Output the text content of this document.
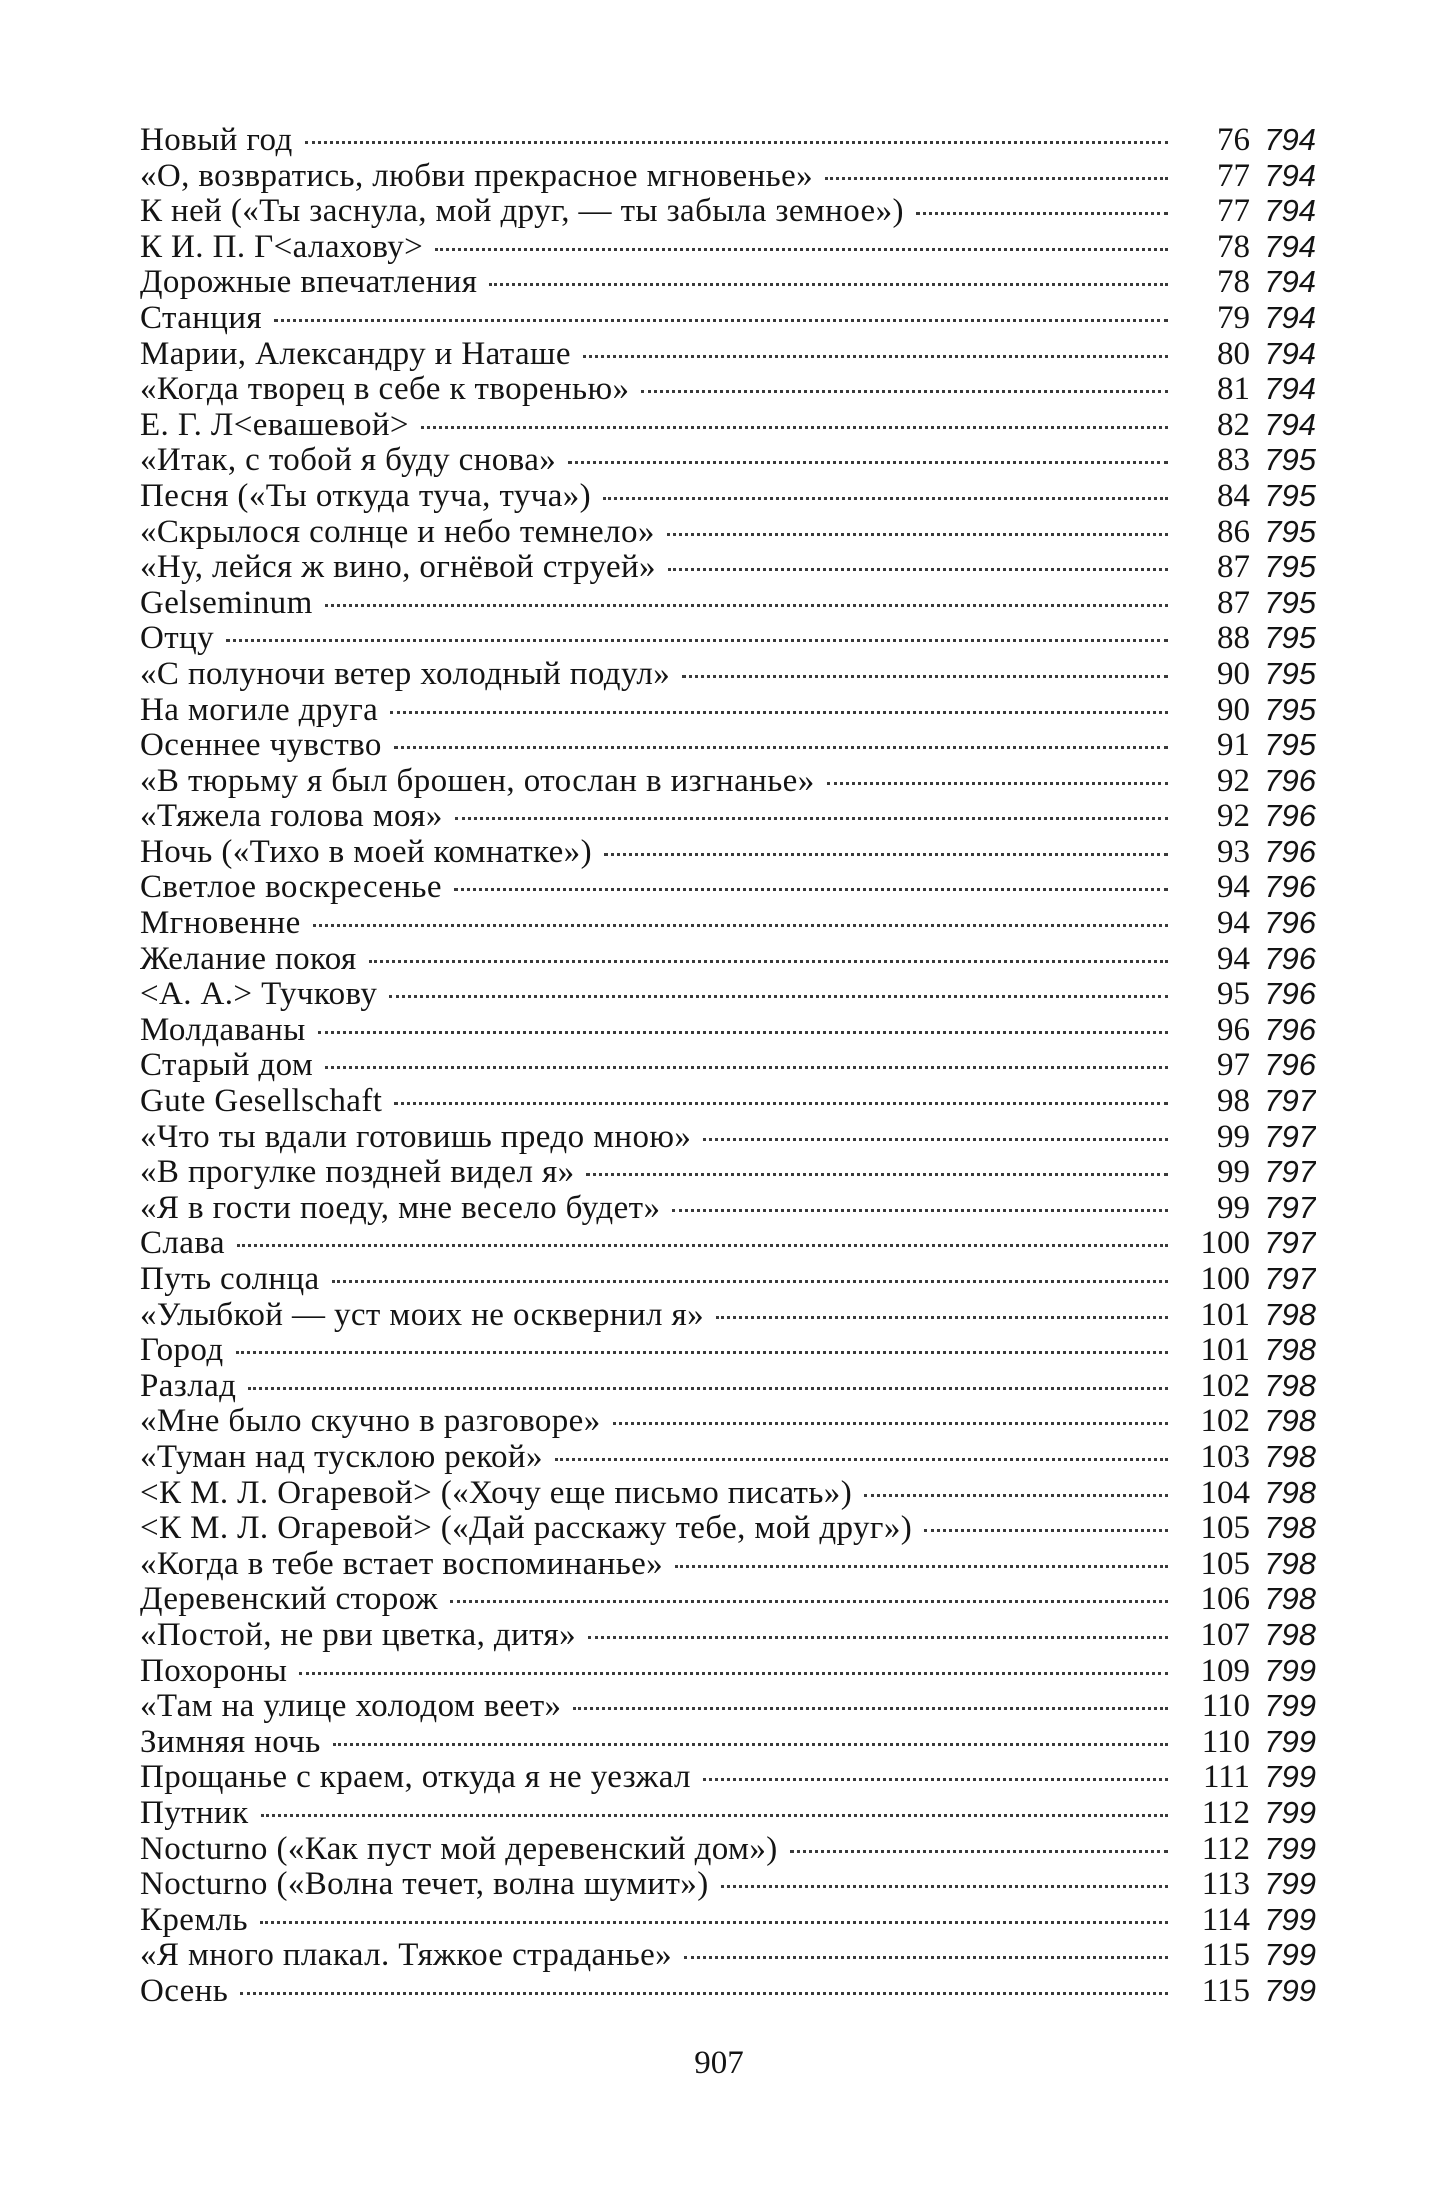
Новый год	76 794
«О, возвратись, любви прекрасное мгновенье»	77 794
К ней («Ты заснула, мой друг, — ты забыла земное»)	77 794
К И. П. Г<алахову>	78 794
Дорожные впечатления	78 794
Станция	79 794
Марии, Александру и Наташе	80 794
«Когда творец в себе к творенью»	81 794
Е. Г. Л<евашевой>	82 794
«Итак, с тобой я буду снова»	83 795
Песня («Ты откуда туча, туча»)	84 795
«Скрылося солнце и небо темнело»	86 795
«Ну, лейся ж вино, огнёвой струей»	87 795
Gelseminum	87 795
Отцу	88 795
«С полуночи ветер холодный подул»	90 795
На могиле друга	90 795
Осеннее чувство	91 795
«В тюрьму я был брошен, отослан в изгнанье»	92 796
«Тяжела голова моя»	92 796
Ночь («Тихо в моей комнатке»)	93 796
Светлое воскресенье	94 796
Мгновенне	94 796
Желание покоя	94 796
<А. А.> Тучкову	95 796
Молдаваны	96 796
Старый дом	97 796
Gute Gesellschaft	98 797
«Что ты вдали готовишь предо мною»	99 797
«В прогулке поздней видел я»	99 797
«Я в гости поеду, мне весело будет»	99 797
Слава	100 797
Путь солнца	100 797
«Улыбкой — уст моих не осквернил я»	101 798
Город	101 798
Разлад	102 798
«Мне было скучно в разговоре»	102 798
«Туман над тусклою рекой»	103 798
<К М. Л. Огаревой> («Хочу еще письмо писать»)	104 798
<К М. Л. Огаревой> («Дай расскажу тебе, мой друг»)	105 798
«Когда в тебе встает воспоминанье»	105 798
Деревенский сторож	106 798
«Постой, не рви цветка, дитя»	107 798
Похороны	109 799
«Там на улице холодом веет»	110 799
Зимняя ночь	110 799
Прощанье с краем, откуда я не уезжал	111 799
Путник	112 799
Nocturno («Как пуст мой деревенский дом»)	112 799
Nocturno («Волна течет, волна шумит»)	113 799
Кремль	114 799
«Я много плакал. Тяжкое страданье»	115 799
Осень	115 799
907
